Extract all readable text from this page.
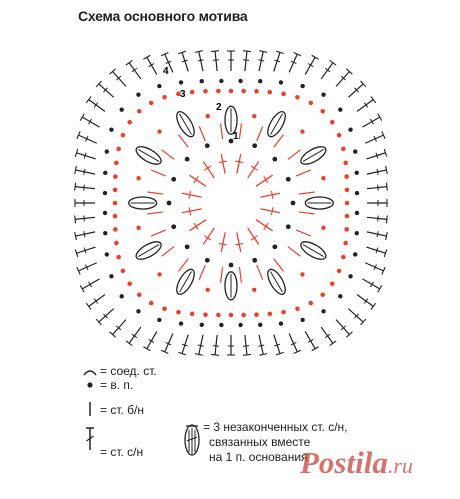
Схема основного мотива
4
3
2
1
= соед. ст.
= в. п.
= ст. б/н
= ст. с/н
= 3 незаконченных ст. с/н,
связанных вместе
на 1 п. основания
Postila.ru
